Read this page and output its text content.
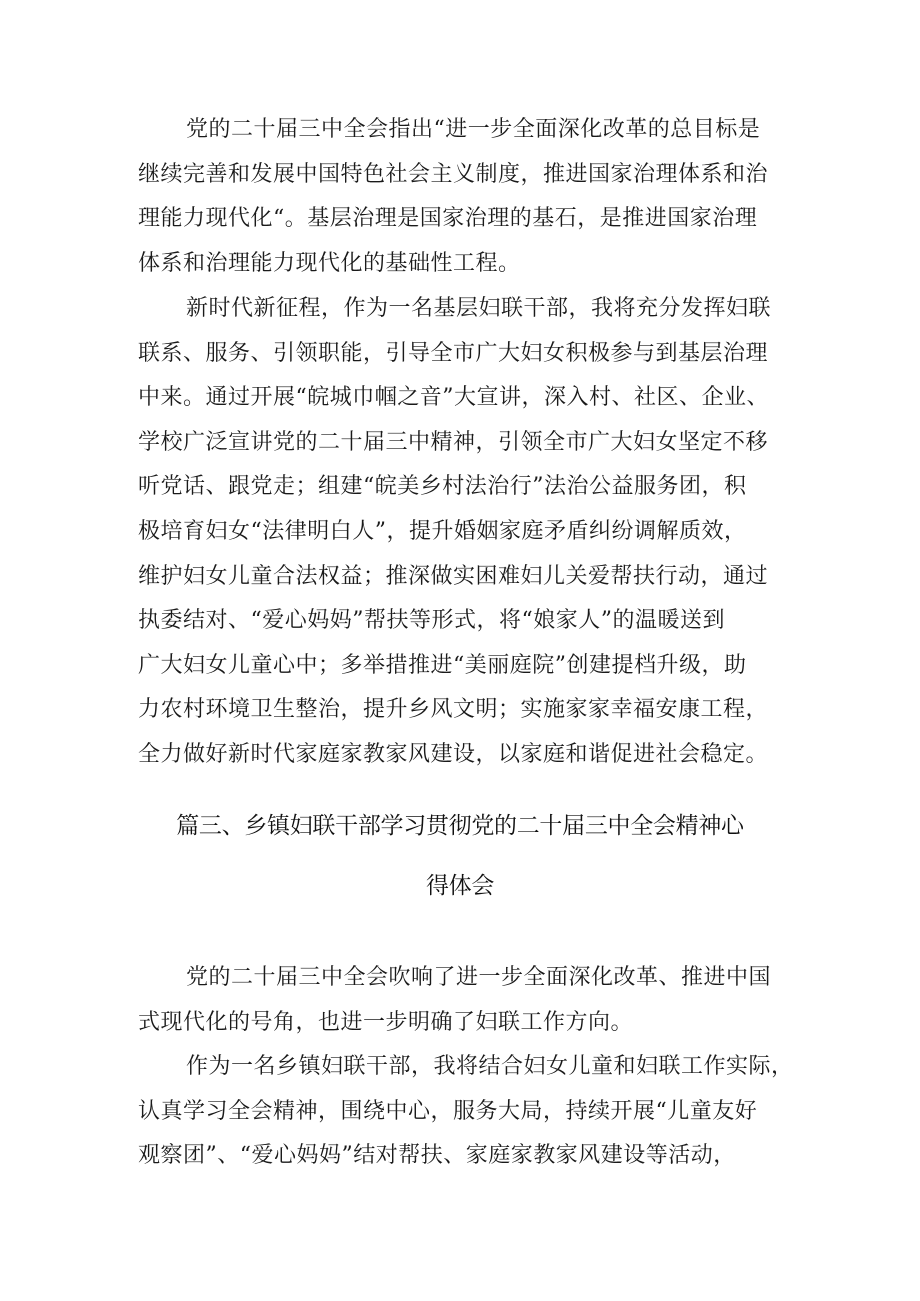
党的二十届三中全会指出“进一步全面深化改革的总目标是
继续完善和发展中国特色社会主义制度，推进国家治理体系和治
理能力现代化“。基层治理是国家治理的基石，是推进国家治理
体系和治理能力现代化的基础性工程。
新时代新征程，作为一名基层妇联干部，我将充分发挥妇联
联系、服务、引领职能，引导全市广大妇女积极参与到基层治理
中来。通过开展“皖城巾帼之音”大宣讲，深入村、社区、企业、
学校广泛宣讲党的二十届三中精神，引领全市广大妇女坚定不移
听党话、跟党走；组建“皖美乡村法治行”法治公益服务团，积
极培育妇女“法律明白人”，提升婚姻家庭矛盾纠纷调解质效，
维护妇女儿童合法权益；推深做实困难妇儿关爱帮扶行动，通过
执委结对、“爱心妈妈”帮扶等形式，将“娘家人”的温暖送到
广大妇女儿童心中；多举措推进“美丽庭院”创建提档升级，助
力农村环境卫生整治，提升乡风文明；实施家家幸福安康工程，
全力做好新时代家庭家教家风建设，以家庭和谐促进社会稳定。
篇三、乡镇妇联干部学习贯彻党的二十届三中全会精神心
得体会
党的二十届三中全会吹响了进一步全面深化改革、推进中国
式现代化的号角，也进一步明确了妇联工作方向。
作为一名乡镇妇联干部，我将结合妇女儿童和妇联工作实际，
认真学习全会精神，围绕中心，服务大局，持续开展“儿童友好
观察团”、“爱心妈妈”结对帮扶、家庭家教家风建设等活动，
